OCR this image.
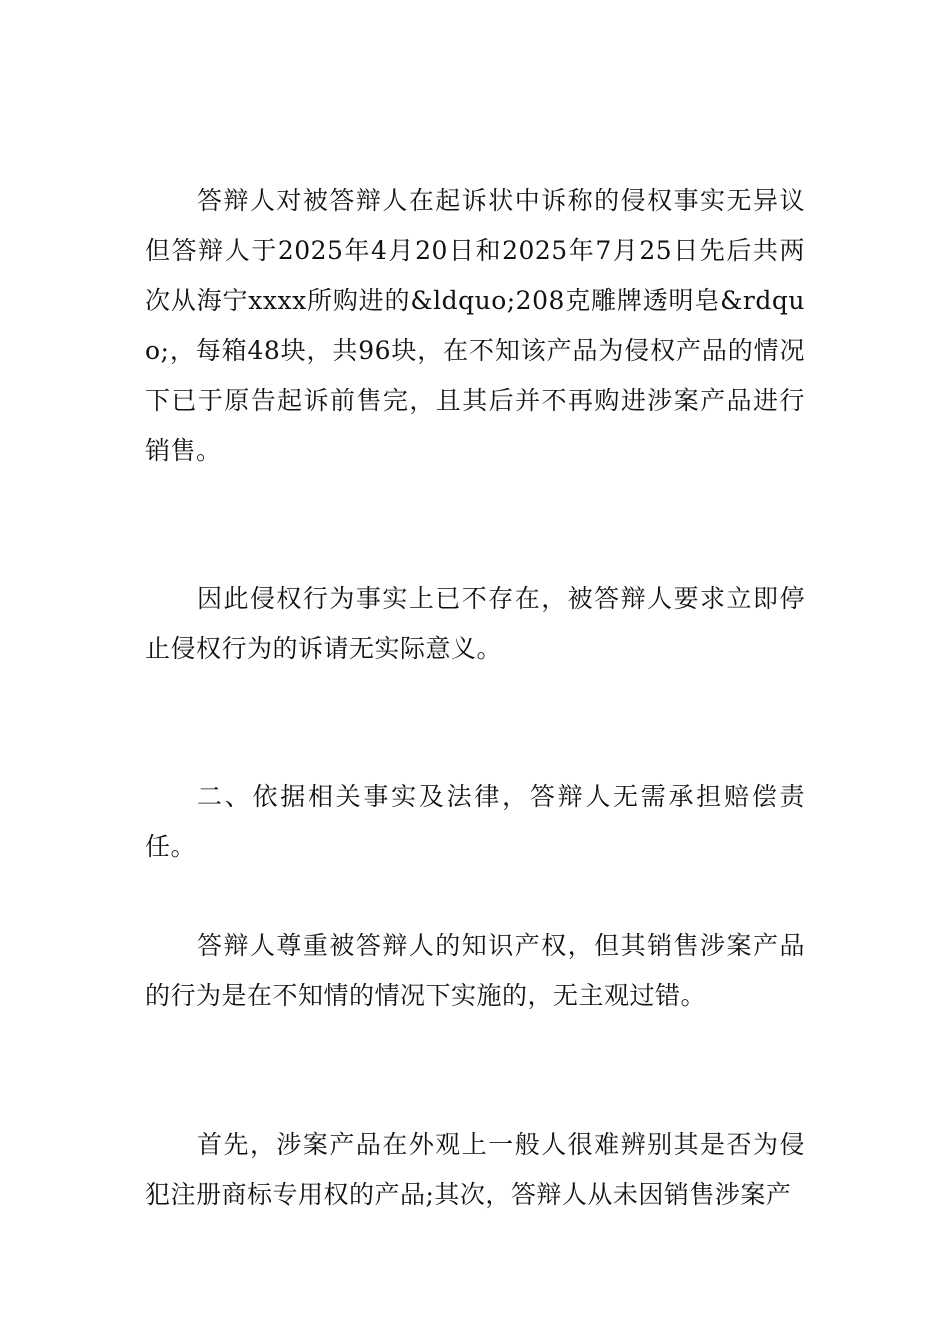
答辩人对被答辩人在起诉状中诉称的侵权事实无异议但答辩人于2025年4月20日和2025年7月25日先后共两次从海宁xxxx所购进的&ldquo;208克雕牌透明皂&rdquo;，每箱48块，共96块，在不知该产品为侵权产品的情况下已于原告起诉前售完，且其后并不再购进涉案产品进行销售。

因此侵权行为事实上已不存在，被答辩人要求立即停止侵权行为的诉请无实际意义。

二、依据相关事实及法律，答辩人无需承担赔偿责任。

答辩人尊重被答辩人的知识产权，但其销售涉案产品的行为是在不知情的情况下实施的，无主观过错。

首先，涉案产品在外观上一般人很难辨别其是否为侵犯注册商标专用权的产品;其次，答辩人从未因销售涉案产
